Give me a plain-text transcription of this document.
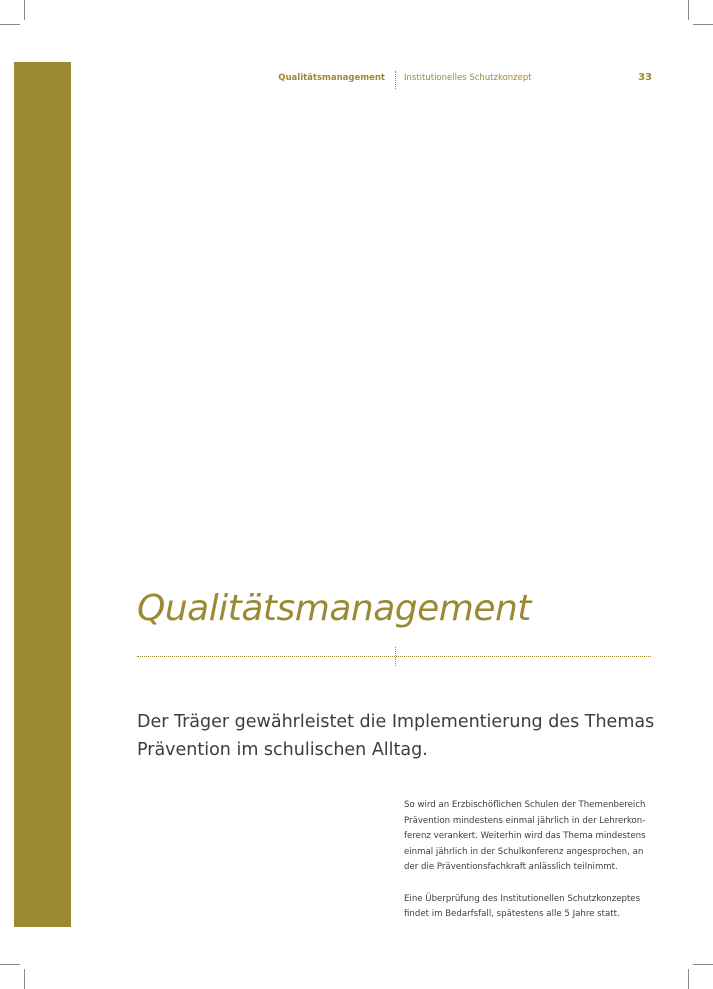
Qualitätsmanagement Institutionelles Schutzkonzept	33
Qualitätsmanagement

Der Träger gewährleistet die Implementierung des Themas Prävention im schulischen Alltag.

So wird an Erzbischöflichen Schulen der Themenbereich
Prävention mindestens einmal jährlich in der Lehrerkon-
ferenz verankert. Weiterhin wird das Thema mindestens
einmal jährlich in der Schulkonferenz angesprochen, an
der die Präventionsfachkraft anlässlich teilnimmt.

Eine Überprüfung des Institutionellen Schutzkonzeptes
findet im Bedarfsfall, spätestens alle 5 Jahre statt.
